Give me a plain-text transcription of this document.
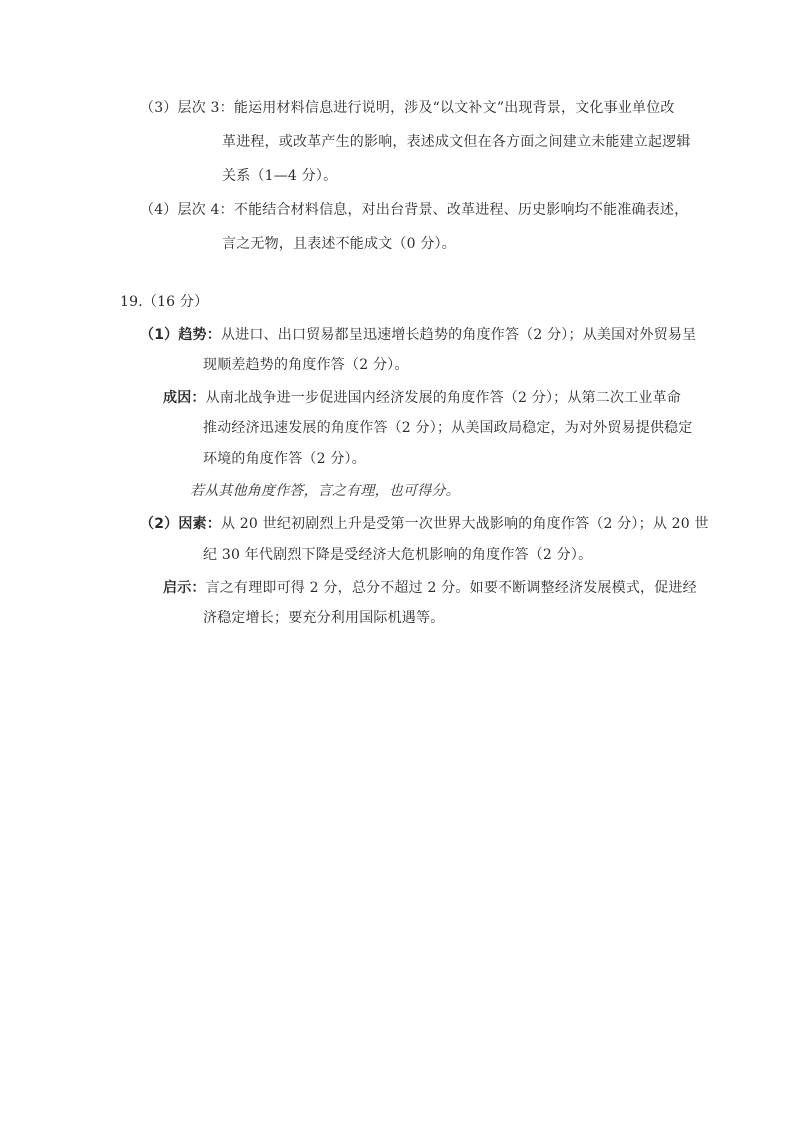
（3）层次 3：能运用材料信息进行说明，涉及“以文补文”出现背景，文化事业单位改
革进程，或改革产生的影响，表述成文但在各方面之间建立未能建立起逻辑
关系（1—4 分）。
（4）层次 4：不能结合材料信息，对出台背景、改革进程、历史影响均不能准确表述，
言之无物，且表述不能成文（0 分）。
19.（16 分）
（1）趋势：从进口、出口贸易都呈迅速增长趋势的角度作答（2 分）；从美国对外贸易呈
现顺差趋势的角度作答（2 分）。
成因：从南北战争进一步促进国内经济发展的角度作答（2 分）；从第二次工业革命
推动经济迅速发展的角度作答（2 分）；从美国政局稳定，为对外贸易提供稳定
环境的角度作答（2 分）。
若从其他角度作答，言之有理，也可得分。
（2）因素：从 20 世纪初剧烈上升是受第一次世界大战影响的角度作答（2 分）；从 20 世
纪 30 年代剧烈下降是受经济大危机影响的角度作答（2 分）。
启示：言之有理即可得 2 分，总分不超过 2 分。如要不断调整经济发展模式，促进经
济稳定增长；要充分利用国际机遇等。
